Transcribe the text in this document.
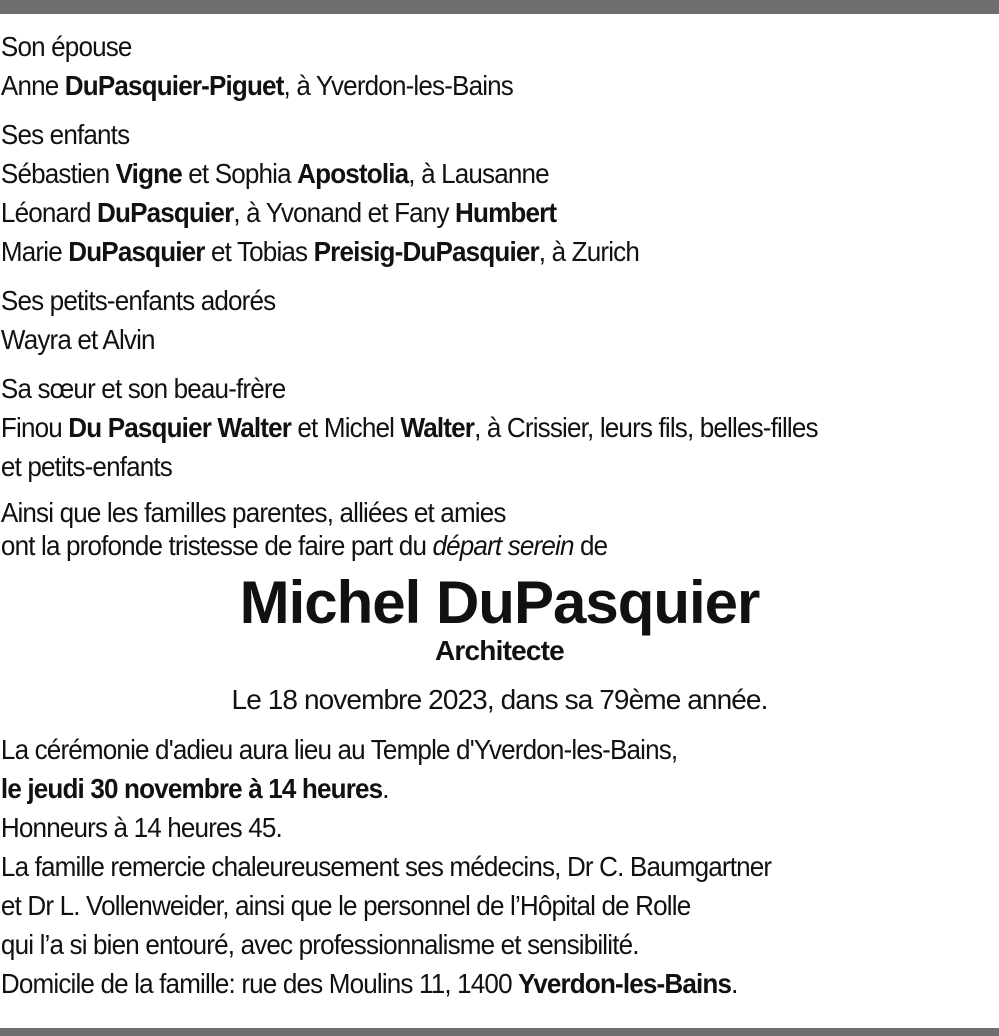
Son épouse
Anne DuPasquier-Piguet, à Yverdon-les-Bains
Ses enfants
Sébastien Vigne et Sophia Apostolia, à Lausanne
Léonard DuPasquier, à Yvonand et Fany Humbert
Marie DuPasquier et Tobias Preisig-DuPasquier, à Zurich
Ses petits-enfants adorés
Wayra et Alvin
Sa sœur et son beau-frère
Finou Du Pasquier Walter et Michel Walter, à Crissier, leurs fils, belles-filles
et petits-enfants
Ainsi que les familles parentes, alliées et amies
ont la profonde tristesse de faire part du départ serein de
Michel DuPasquier
Architecte
Le 18 novembre 2023, dans sa 79ème année.
La cérémonie d'adieu aura lieu au Temple d'Yverdon-les-Bains,
le jeudi 30 novembre à 14 heures.
Honneurs à 14 heures 45.
La famille remercie chaleureusement ses médecins, Dr C. Baumgartner
et Dr L. Vollenweider, ainsi que le personnel de l’Hôpital de Rolle
qui l’a si bien entouré, avec professionnalisme et sensibilité.
Domicile de la famille: rue des Moulins 11, 1400 Yverdon-les-Bains.
